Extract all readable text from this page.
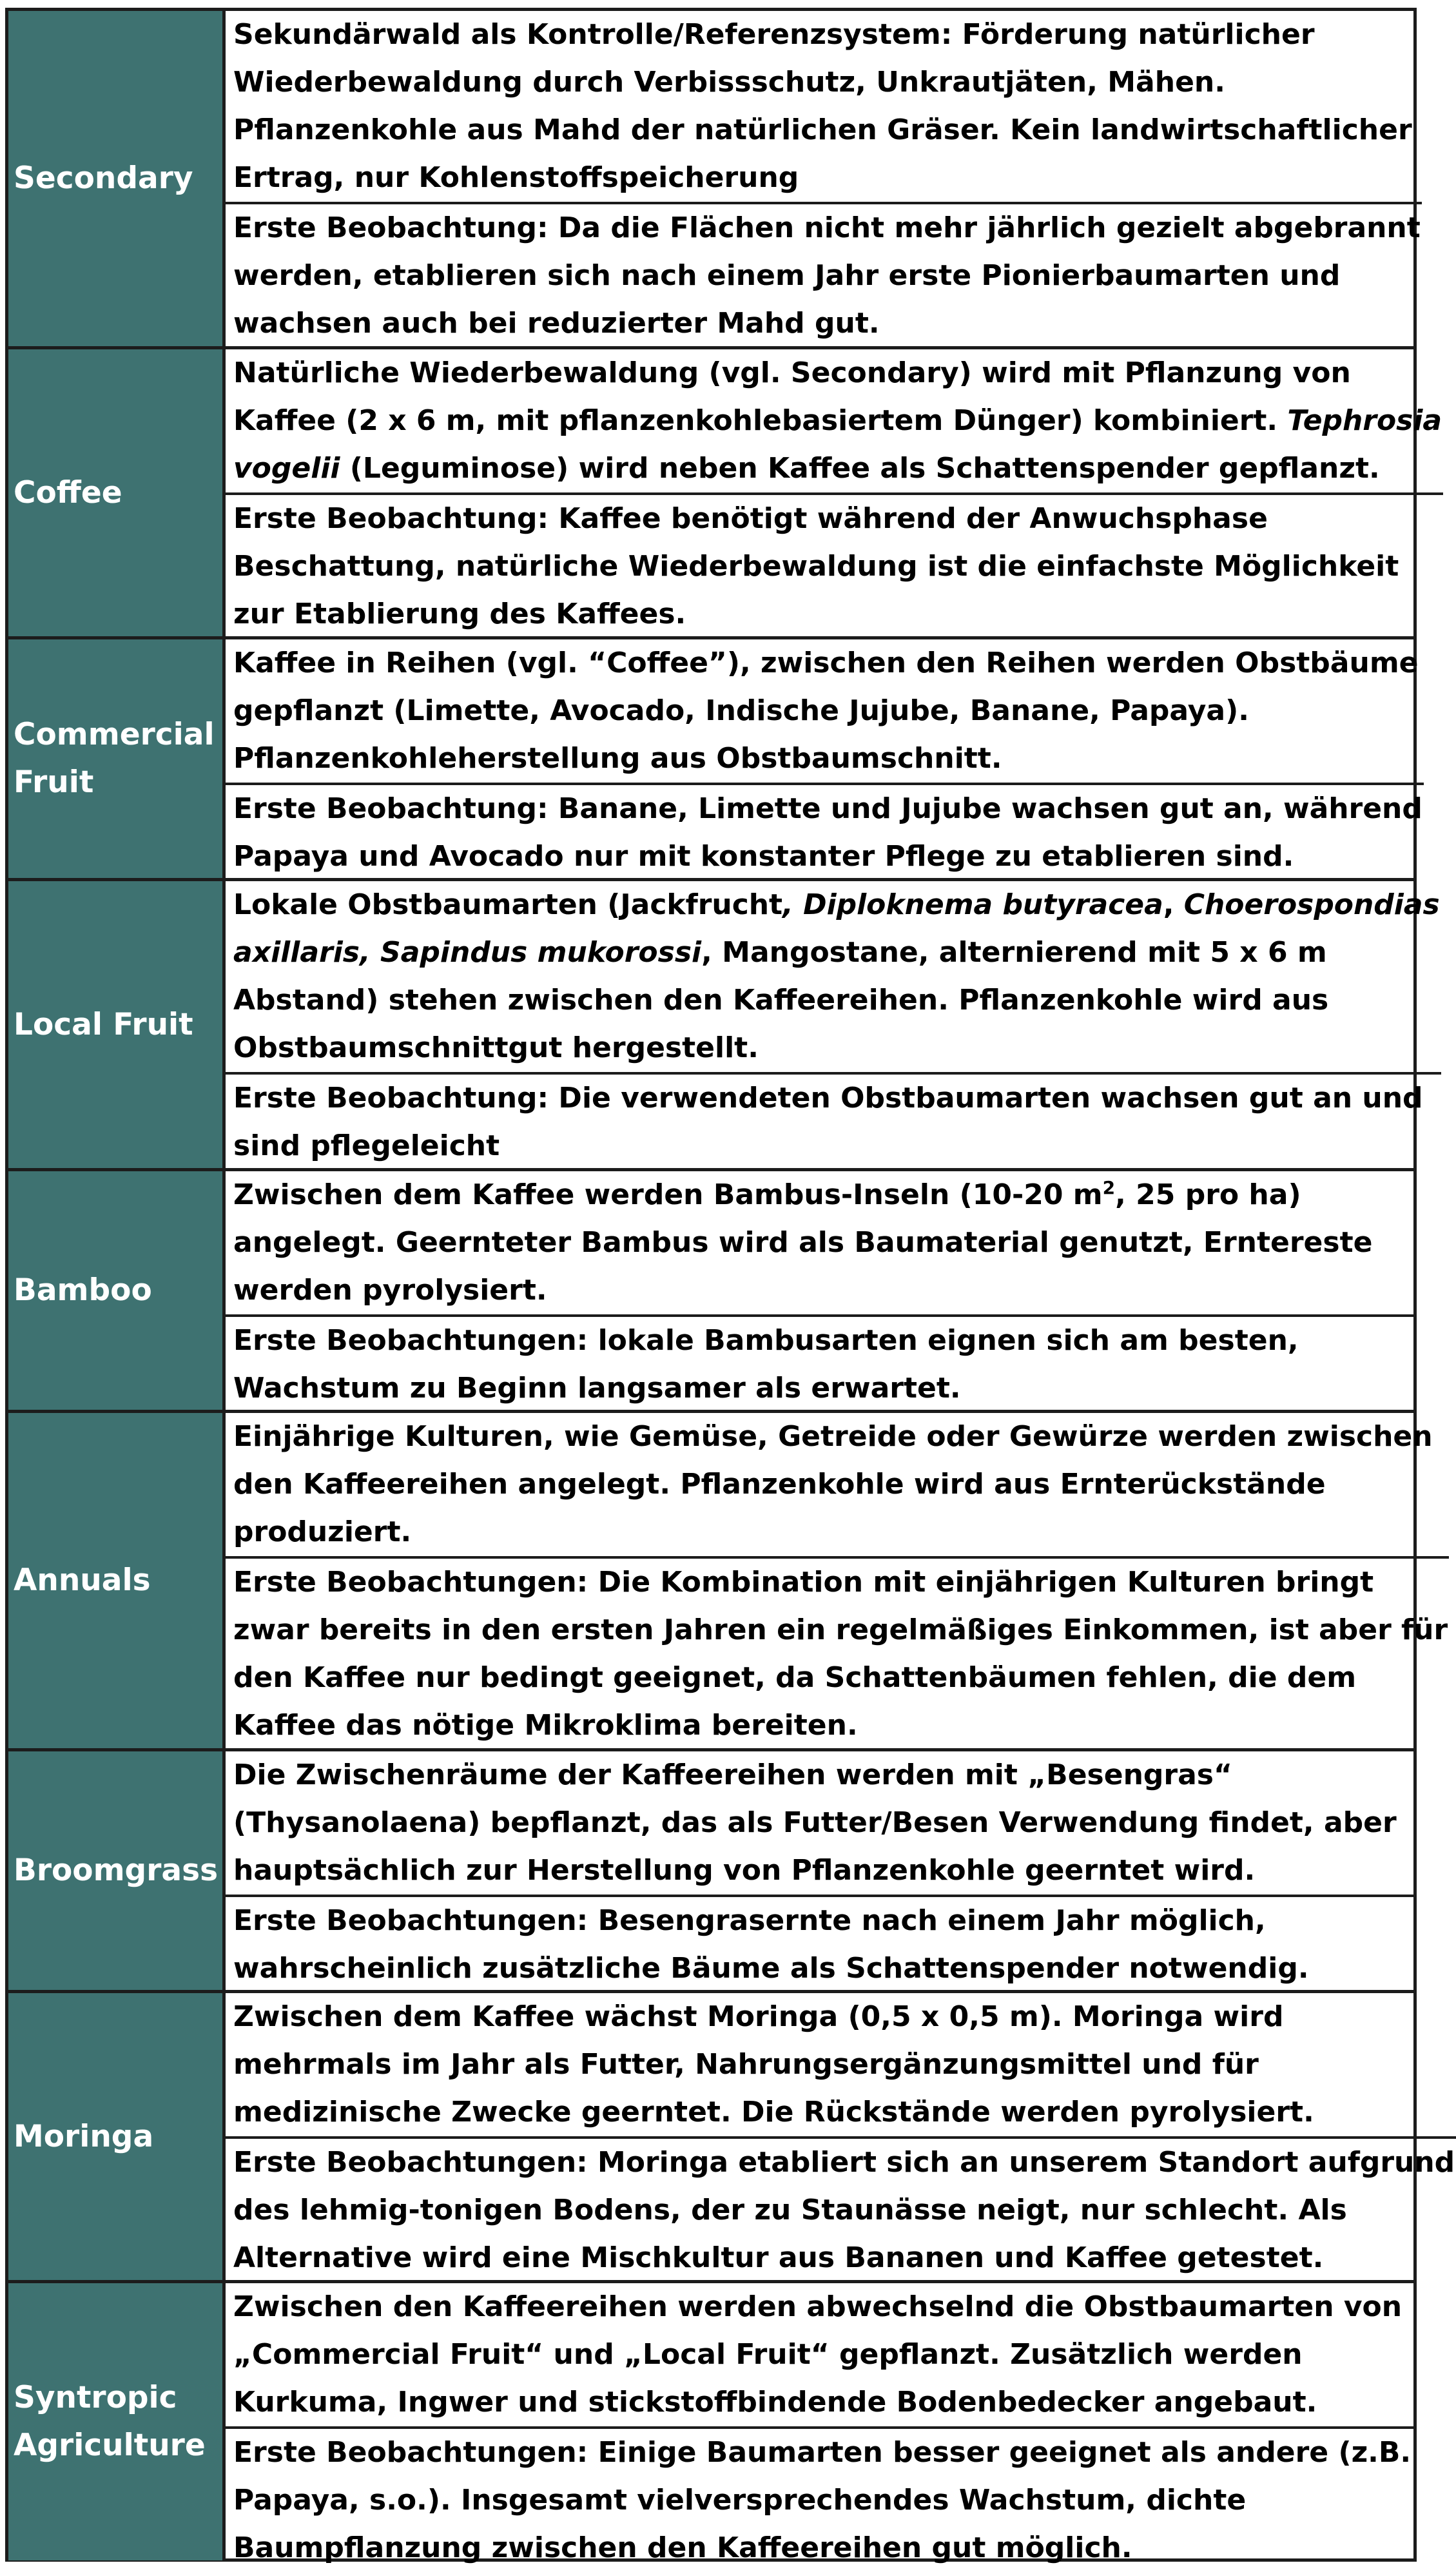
Secondary
Sekundärwald als Kontrolle/Referenzsystem: Förderung natürlicher
Wiederbewaldung durch Verbissschutz, Unkrautjäten, Mähen.
Pflanzenkohle aus Mahd der natürlichen Gräser. Kein landwirtschaftlicher
Ertrag, nur Kohlenstoffspeicherung
Erste Beobachtung: Da die Flächen nicht mehr jährlich gezielt abgebrannt
werden, etablieren sich nach einem Jahr erste Pionierbaumarten und
wachsen auch bei reduzierter Mahd gut.
Coffee
Natürliche Wiederbewaldung (vgl. Secondary) wird mit Pflanzung von
Kaffee (2 x 6 m, mit pflanzenkohlebasiertem Dünger) kombiniert. Tephrosia
vogelii (Leguminose) wird neben Kaffee als Schattenspender gepflanzt.
Erste Beobachtung: Kaffee benötigt während der Anwuchsphase
Beschattung, natürliche Wiederbewaldung ist die einfachste Möglichkeit
zur Etablierung des Kaffees.
Commercial
Fruit
Kaffee in Reihen (vgl. “Coffee”), zwischen den Reihen werden Obstbäume
gepflanzt (Limette, Avocado, Indische Jujube, Banane, Papaya).
Pflanzenkohleherstellung aus Obstbaumschnitt.
Erste Beobachtung: Banane, Limette und Jujube wachsen gut an, während
Papaya und Avocado nur mit konstanter Pflege zu etablieren sind.
Local Fruit
Lokale Obstbaumarten (Jackfrucht, Diploknema butyracea, Choerospondias
axillaris, Sapindus mukorossi, Mangostane, alternierend mit 5 x 6 m
Abstand) stehen zwischen den Kaffeereihen. Pflanzenkohle wird aus
Obstbaumschnittgut hergestellt.
Erste Beobachtung: Die verwendeten Obstbaumarten wachsen gut an und
sind pflegeleicht
Bamboo
Zwischen dem Kaffee werden Bambus-Inseln (10-20 $m^2$, 25 pro ha)
angelegt. Geernteter Bambus wird als Baumaterial genutzt, Erntereste
werden pyrolysiert.
Erste Beobachtungen: lokale Bambusarten eignen sich am besten,
Wachstum zu Beginn langsamer als erwartet.
Annuals
Einjährige Kulturen, wie Gemüse, Getreide oder Gewürze werden zwischen
den Kaffeereihen angelegt. Pflanzenkohle wird aus Ernterückstände
produziert.
Erste Beobachtungen: Die Kombination mit einjährigen Kulturen bringt
zwar bereits in den ersten Jahren ein regelmäßiges Einkommen, ist aber für
den Kaffee nur bedingt geeignet, da Schattenbäumen fehlen, die dem
Kaffee das nötige Mikroklima bereiten.
Broomgrass
Die Zwischenräume der Kaffeereihen werden mit „Besengras“
(Thysanolaena) bepflanzt, das als Futter/Besen Verwendung findet, aber
hauptsächlich zur Herstellung von Pflanzenkohle geerntet wird.
Erste Beobachtungen: Besengrasernte nach einem Jahr möglich,
wahrscheinlich zusätzliche Bäume als Schattenspender notwendig.
Moringa
Zwischen dem Kaffee wächst Moringa (0,5 x 0,5 m). Moringa wird
mehrmals im Jahr als Futter, Nahrungsergänzungsmittel und für
medizinische Zwecke geerntet. Die Rückstände werden pyrolysiert.
Erste Beobachtungen: Moringa etabliert sich an unserem Standort aufgrund
des lehmig-tonigen Bodens, der zu Staunässe neigt, nur schlecht. Als
Alternative wird eine Mischkultur aus Bananen und Kaffee getestet.
Syntropic
Agriculture
Zwischen den Kaffeereihen werden abwechselnd die Obstbaumarten von
„Commercial Fruit“ und „Local Fruit“ gepflanzt. Zusätzlich werden
Kurkuma, Ingwer und stickstoffbindende Bodenbedecker angebaut.
Erste Beobachtungen: Einige Baumarten besser geeignet als andere (z.B.
Papaya, s.o.). Insgesamt vielversprechendes Wachstum, dichte
Baumpflanzung zwischen den Kaffeereihen gut möglich.
